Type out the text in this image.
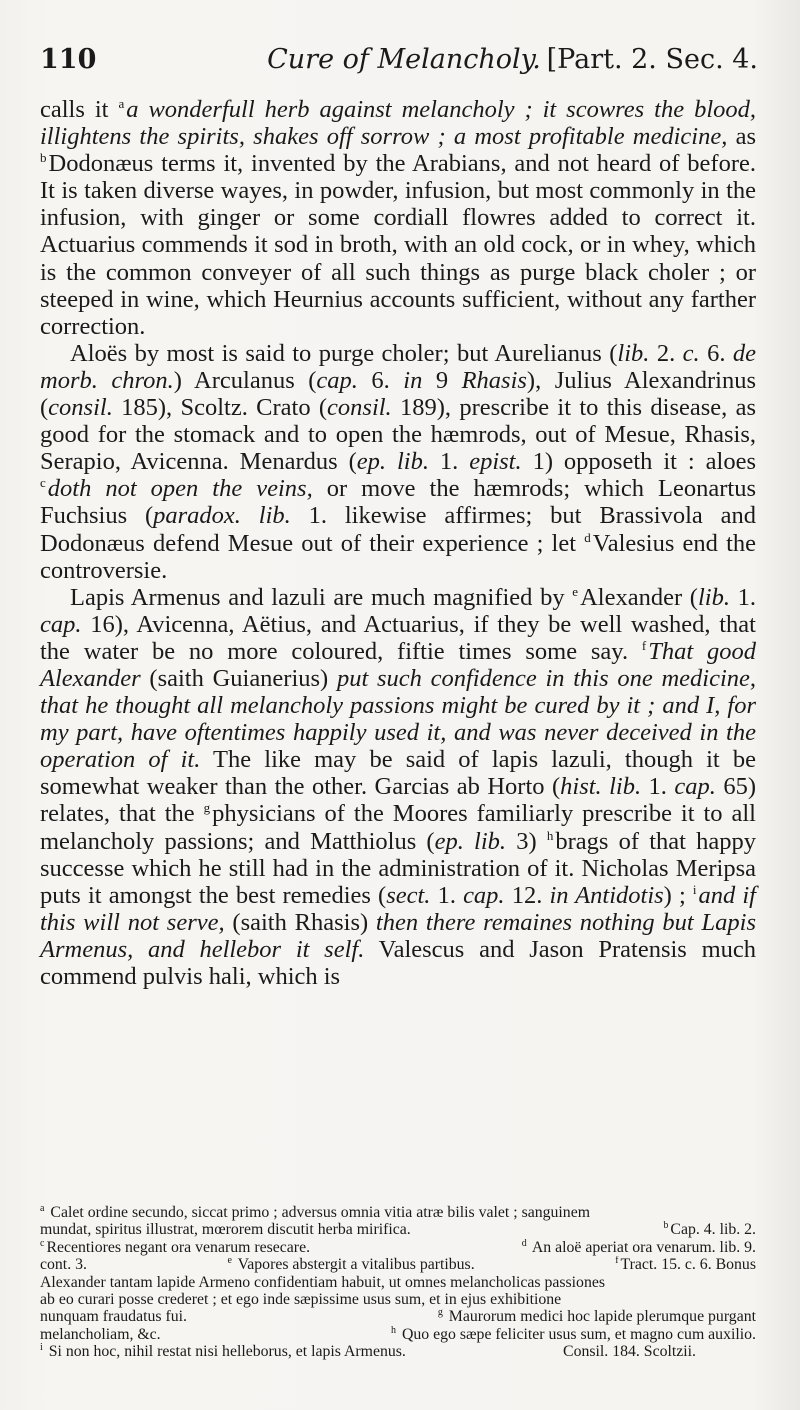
110	Cure of Melancholy. [Part. 2. Sec. 4.

calls it $^a$a wonderfull herb against melancholy ; it scowres the blood, illightens the spirits, shakes off sorrow ; a most profitable medicine, as $^b$Dodonæus terms it, invented by the Arabians, and not heard of before. It is taken diverse wayes, in powder, infusion, but most commonly in the infusion, with ginger or some cordiall flowres added to correct it. Actuarius commends it sod in broth, with an old cock, or in whey, which is the common conveyer of all such things as purge black choler ; or steeped in wine, which Heurnius accounts sufficient, without any farther correction.

Aloës by most is said to purge choler; but Aurelianus (lib. 2. c. 6. de morb. chron.) Arculanus (cap. 6. in 9 Rhasis), Julius Alexandrinus (consil. 185), Scoltz. Crato (consil. 189), prescribe it to this disease, as good for the stomack and to open the hæmrods, out of Mesue, Rhasis, Serapio, Avicenna. Menardus (ep. lib. 1. epist. 1) opposeth it : aloes $^c$doth not open the veins, or move the hæmrods; which Leonartus Fuchsius (paradox. lib. 1. likewise affirmes; but Brassivola and Dodonæus defend Mesue out of their experience ; let $^d$Valesius end the controversie.

Lapis Armenus and lazuli are much magnified by $^e$Alexander (lib. 1. cap. 16), Avicenna, Aëtius, and Actuarius, if they be well washed, that the water be no more coloured, fiftie times some say. $^f$That good Alexander (saith Guianerius) put such confidence in this one medicine, that he thought all melancholy passions might be cured by it ; and I, for my part, have oftentimes happily used it, and was never deceived in the operation of it. The like may be said of lapis lazuli, though it be somewhat weaker than the other. Garcias ab Horto (hist. lib. 1. cap. 65) relates, that the $^g$physicians of the Moores familiarly prescribe it to all melancholy passions; and Matthiolus (ep. lib. 3) $^h$brags of that happy successe which he still had in the administration of it. Nicholas Meripsa puts it amongst the best remedies (sect. 1. cap. 12. in Antidotis) ; $^i$and if this will not serve, (saith Rhasis) then there remaines nothing but Lapis Armenus, and hellebor it self. Valescus and Jason Pratensis much commend pulvis hali, which is

$^a$ Calet ordine secundo, siccat primo ; adversus omnia vitia atræ bilis valet ; sanguinem
mundat, spiritus illustrat, mœrorem discutit herba mirifica.	$^b$ Cap. 4. lib. 2.
$^c$ Recentiores negant ora venarum resecare.	$^d$ An aloë aperiat ora venarum. lib. 9.
cont. 3.	$^e$ Vapores abstergit a vitalibus partibus.	$^f$ Tract. 15. c. 6. Bonus
Alexander tantam lapide Armeno confidentiam habuit, ut omnes melancholicas passiones
ab eo curari posse crederet ; et ego inde sæpissime usus sum, et in ejus exhibitione
nunquam fraudatus fui.	$^g$ Maurorum medici hoc lapide plerumque purgant
melancholiam, &c.	$^h$ Quo ego sæpe feliciter usus sum, et magno cum auxilio.
$^i$ Si non hoc, nihil restat nisi helleborus, et lapis Armenus.	Consil. 184. Scoltzii.
